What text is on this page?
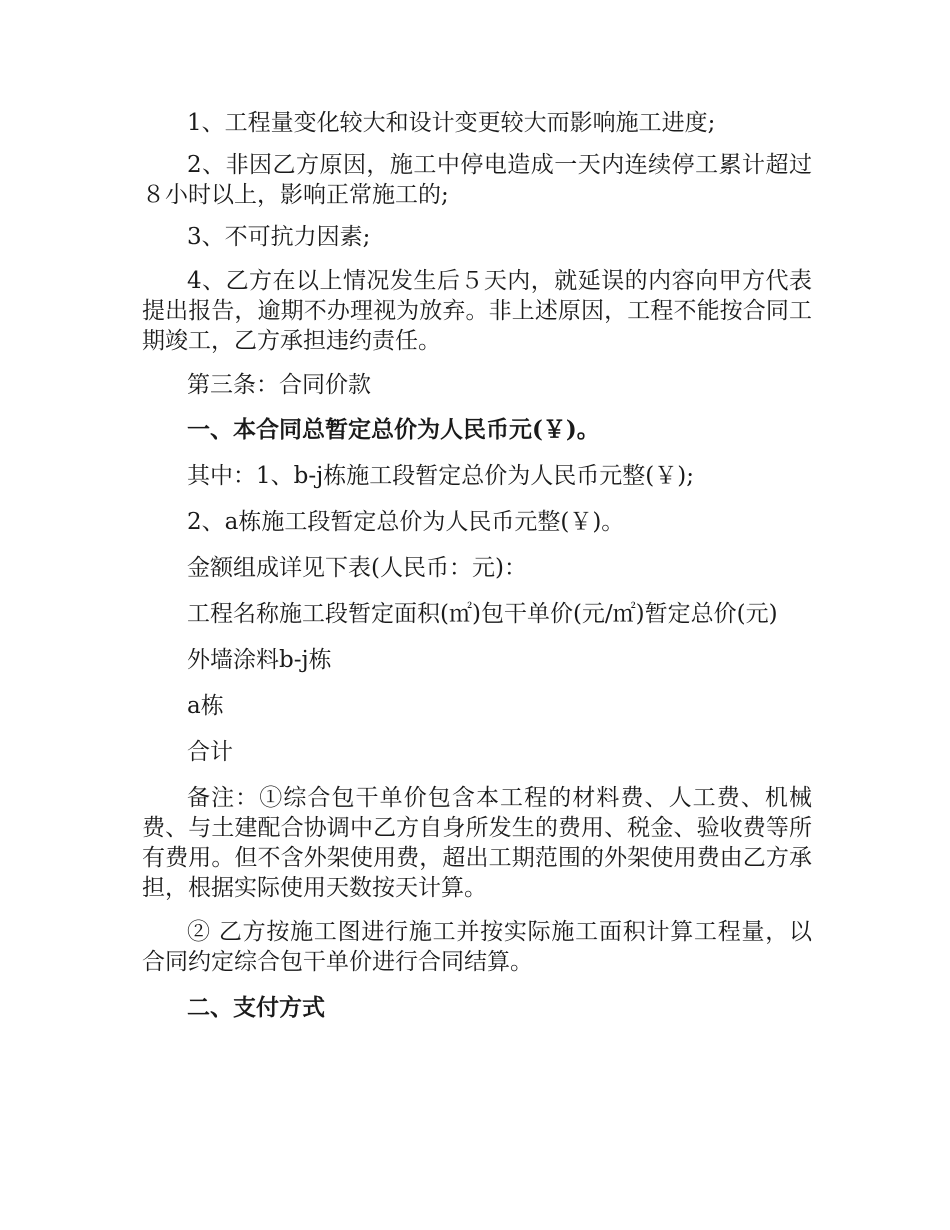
1、工程量变化较大和设计变更较大而影响施工进度;

2、非因乙方原因，施工中停电造成一天内连续停工累计超过８小时以上，影响正常施工的;

3、不可抗力因素;

4、乙方在以上情况发生后５天内，就延误的内容向甲方代表提出报告，逾期不办理视为放弃。非上述原因，工程不能按合同工期竣工，乙方承担违约责任。

第三条：合同价款

一、本合同总暂定总价为人民币元(￥)。

其中：1、b-j栋施工段暂定总价为人民币元整(￥);

2、a栋施工段暂定总价为人民币元整(￥)。

金额组成详见下表(人民币：元)：

工程名称施工段暂定面积(㎡)包干单价(元/㎡)暂定总价(元)

外墙涂料b-j栋

a栋

合计

备注：①综合包干单价包含本工程的材料费、人工费、机械费、与土建配合协调中乙方自身所发生的费用、税金、验收费等所有费用。但不含外架使用费，超出工期范围的外架使用费由乙方承担，根据实际使用天数按天计算。

② 乙方按施工图进行施工并按实际施工面积计算工程量，以合同约定综合包干单价进行合同结算。

二、支付方式
